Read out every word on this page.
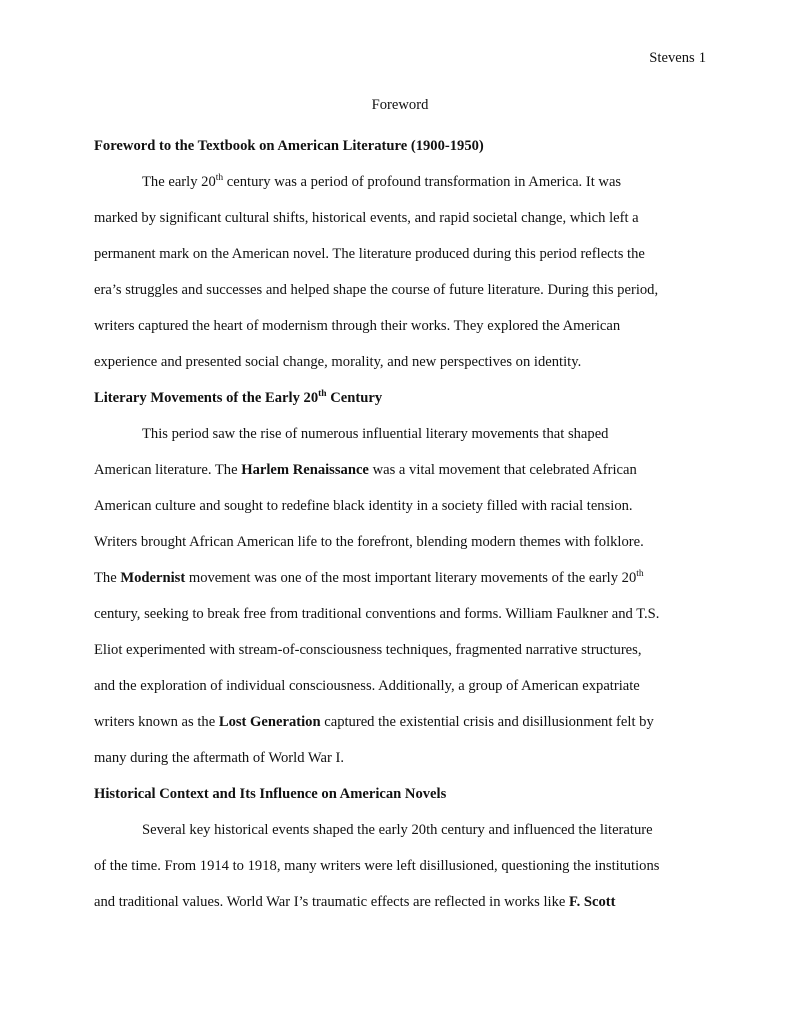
Stevens 1
Foreword

Foreword to the Textbook on American Literature (1900-1950)

The early 20th century was a period of profound transformation in America. It was

marked by significant cultural shifts, historical events, and rapid societal change, which left a

permanent mark on the American novel. The literature produced during this period reflects the

era’s struggles and successes and helped shape the course of future literature. During this period,

writers captured the heart of modernism through their works. They explored the American

experience and presented social change, morality, and new perspectives on identity.

Literary Movements of the Early 20th Century

This period saw the rise of numerous influential literary movements that shaped

American literature. The Harlem Renaissance was a vital movement that celebrated African

American culture and sought to redefine black identity in a society filled with racial tension.

Writers brought African American life to the forefront, blending modern themes with folklore.

The Modernist movement was one of the most important literary movements of the early 20th

century, seeking to break free from traditional conventions and forms. William Faulkner and T.S.

Eliot experimented with stream-of-consciousness techniques, fragmented narrative structures,

and the exploration of individual consciousness. Additionally, a group of American expatriate

writers known as the Lost Generation captured the existential crisis and disillusionment felt by

many during the aftermath of World War I.

Historical Context and Its Influence on American Novels

Several key historical events shaped the early 20th century and influenced the literature

of the time. From 1914 to 1918, many writers were left disillusioned, questioning the institutions

and traditional values. World War I’s traumatic effects are reflected in works like F. Scott
